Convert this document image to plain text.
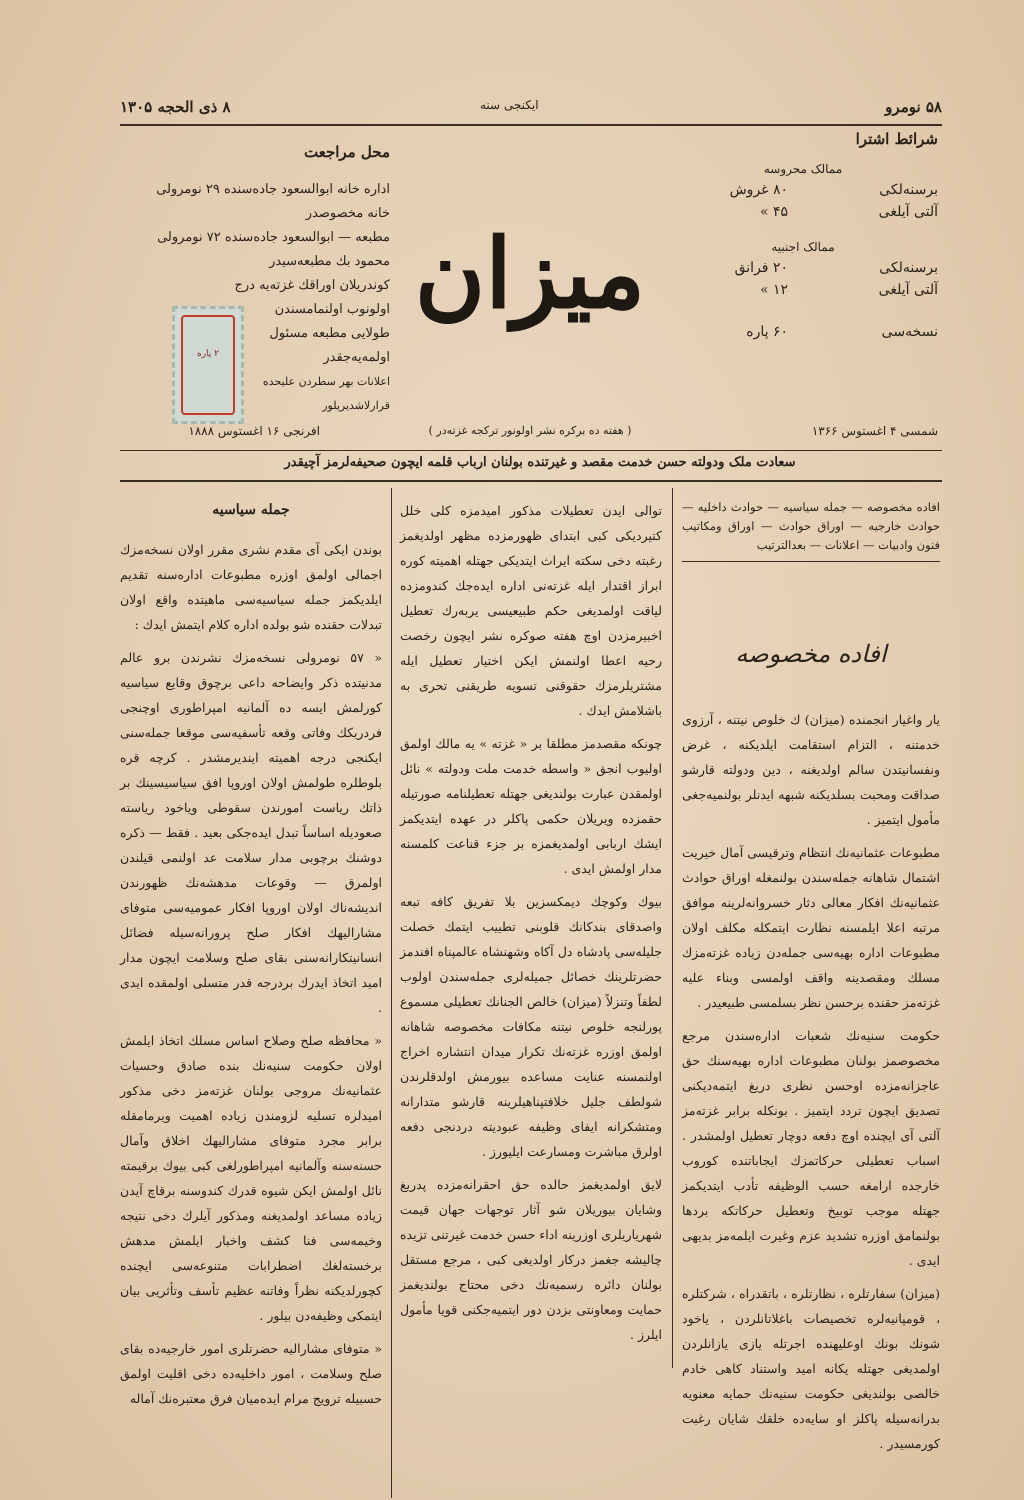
۵۸ نومرو
ایکنجی سنه
۸ ذی الحجه ۱۳۰۵
شرائط اشترا
ممالک محروسه
برسنه‌لکی
۸۰ غروش
آلتی آیلغی
۴۵ »
ممالک اجنبیه
برسنه‌لکی
۲۰ فرانق
آلتی آیلغی
۱۲ »
نسخه‌سی
۶۰ پاره
محل مراجعت
اداره خانه ابوالسعود جاده‌سنده ۲۹ نومرولی
خانه مخصوصدر
مطبعه — ابوالسعود جاده‌سنده ۷۲ نومرولی
محمود بك مطبعه‌سیدر
کوندریلان اوراقك غزته‌یه درج اولونوب اولنمامسندن
طولایی مطبعه مسئول اولمه‌یه‌جقدر
اعلانات بهر سطردن علیحده قرارلاشدیریلور
۲ پاره
میزان
افرنجی ۱۶ اغستوس ۱۸۸۸	( هفته ده برکره نشر اولونور ترکجه غزته‌در )	شمسی ۴ اغستوس ۱۳۶۶
سعادت ملک ودولته حسن خدمت مقصد و غیرتنده بولنان ارباب قلمه ایچون صحیفه‌لرمز آچیقدر
افاده مخصوصه — جمله سیاسیه — حوادث داخلیه — حوادث خارجیه — اوراق حوادث — اوراق ومکاتیب فنون وادبیات — اعلانات — بعدالترتیب
افاده مخصوصه

یار واغیار انجمنده (میزان) ك خلوص نیتنه ، آرزوی خدمتنه ، التزام استقامت ایلدیکنه ، غرض ونفسانیتدن سالم اولدیغنه ، دین ودولته قارشو صداقت ومحبت بسلدیکنه شبهه ایدنلر بولنمیه‌جغی مأمول ایتمیز .

مطبوعات عثمانیه‌نك انتظام وترقیسی آمال خیریت اشتمال شاهانه جمله‌سندن بولنمغله اوراق حوادث عثمانیه‌نك افکار معالی دثار خسروانه‌لرینه موافق مرتبه اعلا ایلمسنه نظارت ایتمکله مکلف اولان مطبوعات اداره بهیه‌سی جمله‌دن زیاده غزته‌مزك مسلك ومقصدینه واقف اولمسی وبناء علیه غزته‌مز حقنده برحسن نظر بسلمسی طبیعیدر .

حکومت سنیه‌نك شعبات اداره‌سندن مرجع مخصوصمز بولنان مطبوعات اداره بهیه‌سنك حق عاجزانه‌مزده اوحسن نظری دریغ ایتمه‌دیکنی تصدیق ایچون تردد ایتمیز . بونکله برابر غزته‌مز آلتی آی ایچنده اوچ دفعه دوچار تعطیل اولمشدر . اسباب تعطیلی حرکاتمزك ایجاباتنده کوروب خارجده ارامغه حسب الوظیفه تأدب ایتدیکمز جهتله موجب توبیخ وتعطیل حرکاتکه بردها بولنمامق اوزره تشدید عزم وغیرت ایلمه‌مز بدیهی ایدی .

(میزان) سفارتلره ، نظارتلره ، باتقدراه ، شرکتلره ، قومپانیه‌لره تخصیصات باغلاتانلردن ، یاخود شونك بونك اوعلیهنده اجرتله یازی یازانلردن اولمدیغی جهتله یکانه امید واستناد کاهی خادم خالصی بولندیغی حکومت سنیه‌نك حمایه معنویه بدرانه‌سیله پاکلز او سایه‌ده خلقك شایان رغبت کورمسیدر .

توالی ایدن تعطیلات مذکور امیدمزه کلی خلل کتیردیکی کبی ابتدای ظهورمزده مظهر اولدیغمز رغبته دخی سکته ایراث ایتدیکی جهتله اهمیته کوره ابراز اقتدار ایله غزته‌نی اداره ایده‌جك کندومزده لیاقت اولمدیغی حکم طبیعیسی یربه‌رك تعطیل اخبیرمزدن اوچ هفته صوکره نشر ایچون رخصت رحیه اعطا اولنمش ایکن اختیار تعطیل ایله مشتریلرمزك حقوقنی تسویه طریقنی تحری به باشلامش ایدك .

چونکه مقصدمز مطلقا بر « غزته » یه مالك اولمق اولیوب انجق « واسطه خدمت ملت ودولته » نائل اولمقدن عبارت بولندیغی جهتله تعطیلنامه صورتیله حقمزده ویریلان حکمی پاکلر در عهده ایتدیکمز ایشك اربابی اولمدیغمزه بر جزء قناعت کلمسنه مدار اولمش ایدی .

بیوك وکوچك دیمکسزین بلا تفریق کافه تبعه واصدقای بندکانك قلوبنی تطییب ایتمك خصلت جلیله‌سی پادشاه دل آکاه وشهنشاه عالمپناه افندمز حضرتلرینك خصائل جمیله‌لری جمله‌سندن اولوب لطفاً وتنزلاً (میزان) خالص الجنانك تعطیلی مسموع پورلنجه خلوص نیتنه مکافات مخصوصه شاهانه اولمق اوزره غزته‌نك تکرار میدان انتشاره اخراج اولنمسنه عنایت مساعده بیورمش اولدقلرندن شولطف جلیل خلافتپناهیلرینه قارشو متدارانه ومتشکرانه ایفای وظیفه عبودیته دردنجی دفعه اولرق مباشرت ومسارعت ایلیورز .

لایق اولمدیغمز حالده حق احقرانه‌مزده پدریغ وشایان بیوریلان شو آثار توجهات جهان قیمت شهریاریلری اوزرینه اداء حسن خدمت غیرتنی تزیده چالیشه جغمز درکار اولدیغی کبی ، مرجع مستقل بولنان دائره رسمیه‌نك دخی محتاج بولندیغمز حمایت ومعاونتی بزدن دور ایتمیه‌جکنی قویا مأمول ایلرز .

جمله سیاسیه

بوندن ایکی آی مقدم نشری مقرر اولان نسخه‌مزك اجمالی اولمق اوزره مطبوعات اداره‌سنه تقدیم ایلدیکمز جمله سیاسیه‌سی ماهیتده واقع اولان تبدلات حقنده شو بولده اداره کلام ایتمش ایدك :

« ۵۷ نومرولی نسخه‌مزك نشرندن برو عالم مدنیتده ذکر وایضاحه داعی برچوق وقایع سیاسیه کورلمش ایسه ده آلمانیه امپراطوری اوچنجی فردریکك وفاتی وقعه تأسفیه‌سی موقعا جمله‌سنی ایکنجی درجه اهمیته ایندیرمشدر . کرچه قره بلوطلره طولمش اولان اوروپا افق سیاسیسینك بر ذاتك ریاست امورندن سقوطی ویاخود ریاسته صعودیله اساساً تبدل ایده‌جکی بعید . فقط — ذکره دوشنك برچوبی مدار سلامت عد اولنمی قیلندن اولمرق — وقوعات مدهشه‌نك ظهورندن اندیشه‌ناك اولان اوروپا افکار عمومیه‌سی متوفای مشارالیهك افکار صلح پرورانه‌سیله فضائل انسانیتکارانه‌سنی بقای صلح وسلامت ایچون مدار امید اتخاذ ایدرك بردرجه قدر متسلی اولمقده ایدی .

« محافظه صلح وصلاح اساس مسلك اتخاذ ایلمش اولان حکومت سنیه‌نك بنده صادق وحسیات عثمانیه‌نك مروجی بولنان غزته‌مز دخی مذکور امیدلره تسلیه لزومندن زیاده اهمیت ویرمامقله برابر مجرد متوفای مشارالیهك اخلاق وآمال حسنه‌سنه وآلمانیه امپراطورلغی کبی بیوك برقیمته نائل اولمش ایکن شیوه قدرك کندوسنه برقاچ آیدن زیاده مساعد اولمدیغنه ومذکور آیلرك دخی نتیجه وخیمه‌سی فنا کشف واخبار ایلمش مدهش برخسته‌لغك اضطرابات متنوعه‌سی ایچنده کچورلدیکنه نظراً وفاتنه عظیم تأسف وتأثریی بیان ایتمکی وظیفه‌دن بیلور .

« متوفای مشارالیه حضرتلری امور خارجیه‌ده بقای صلح وسلامت ، امور داخلیه‌ده دخی اقلیت اولمق حسبیله ترویج مرام ایده‌میان فرق معتبره‌نك آماله
